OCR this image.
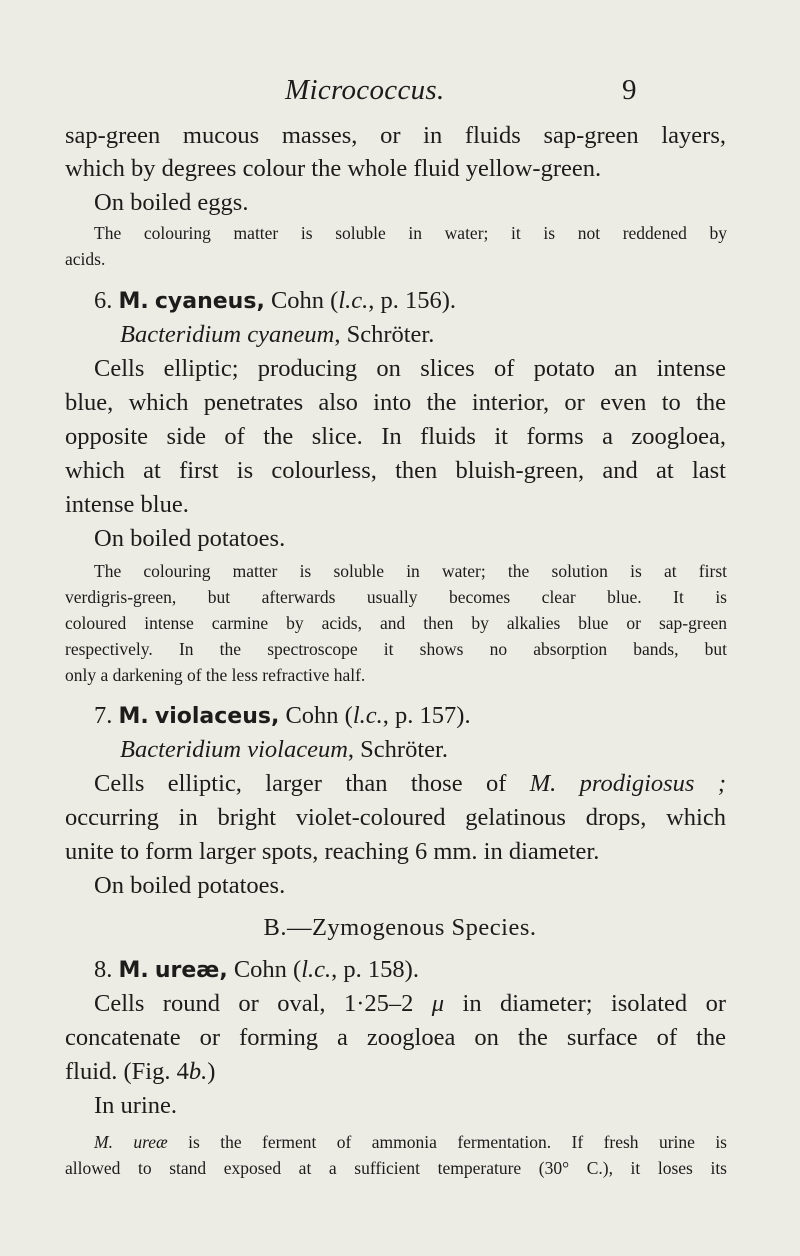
Micrococcus.	9
sap-green mucous masses, or in fluids sap-green layers,
which by degrees colour the whole fluid yellow-green.
On boiled eggs.
The colouring matter is soluble in water; it is not reddened by
acids.
6. M. cyaneus, Cohn (l.c., p. 156).
Bacteridium cyaneum, Schröter.
Cells elliptic; producing on slices of potato an intense
blue, which penetrates also into the interior, or even to the
opposite side of the slice. In fluids it forms a zoogloea,
which at first is colourless, then bluish-green, and at last
intense blue.
On boiled potatoes.
The colouring matter is soluble in water; the solution is at first
verdigris-green, but afterwards usually becomes clear blue. It is
coloured intense carmine by acids, and then by alkalies blue or sap-green
respectively. In the spectroscope it shows no absorption bands, but
only a darkening of the less refractive half.
7. M. violaceus, Cohn (l.c., p. 157).
Bacteridium violaceum, Schröter.
Cells elliptic, larger than those of M. prodigiosus ;
occurring in bright violet-coloured gelatinous drops, which
unite to form larger spots, reaching 6 mm. in diameter.
On boiled potatoes.
B.—Zymogenous Species.
8. M. ureæ, Cohn (l.c., p. 158).
Cells round or oval, 1·25–2 μ in diameter; isolated or
concatenate or forming a zoogloea on the surface of the
fluid. (Fig. 4b.)
In urine.
M. ureæ is the ferment of ammonia fermentation. If fresh urine is
allowed to stand exposed at a sufficient temperature (30° C.), it loses its
